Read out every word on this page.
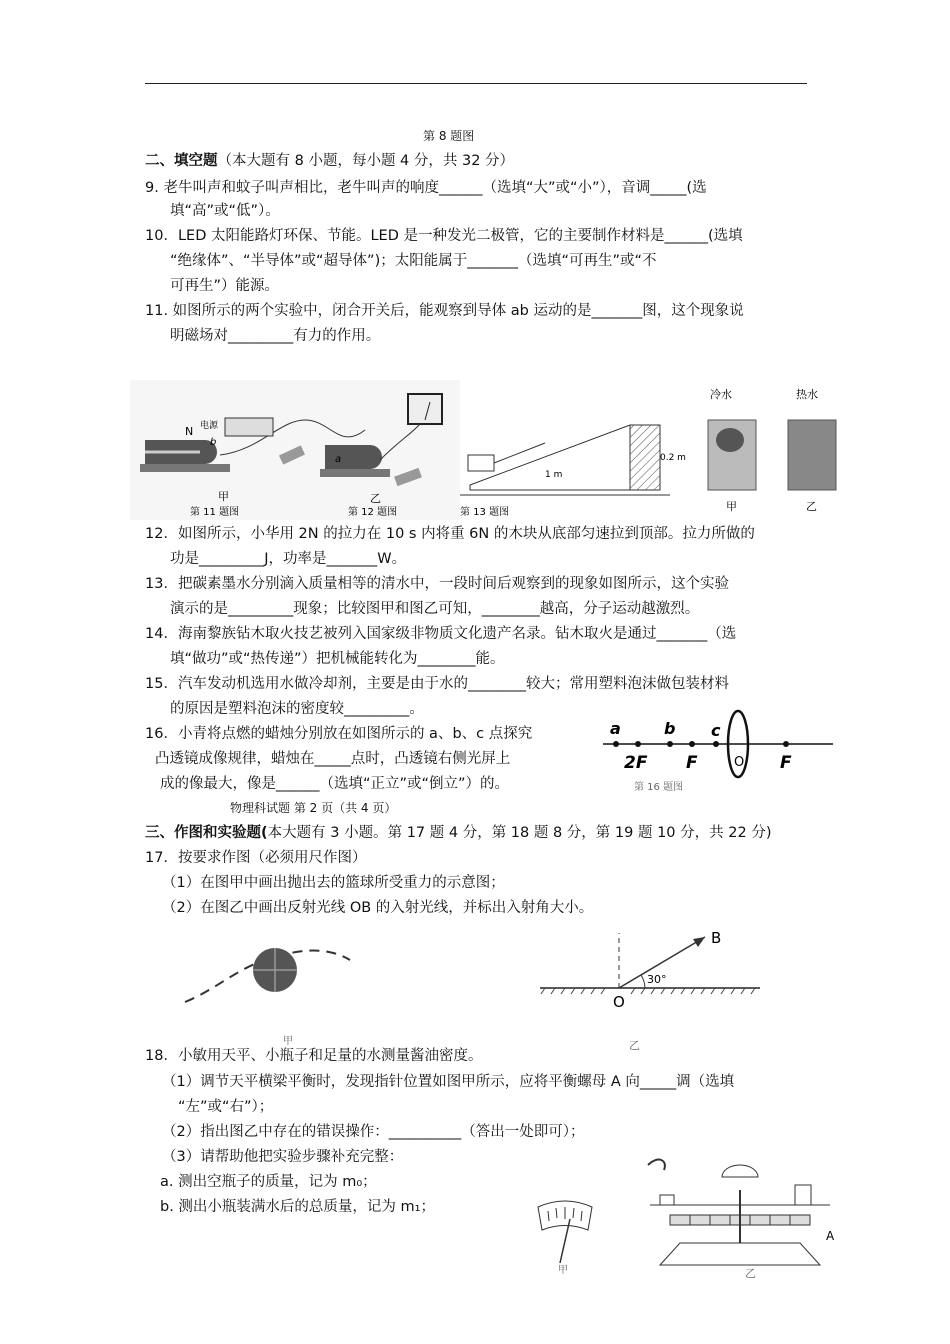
第 8 题图
二、填空题（本大题有 8 小题，每小题 4 分，共 32 分）
9. 老牛叫声和蚊子叫声相比，老牛叫声的响度______（选填“大”或“小”），音调_____(选
填“高”或“低”）。
10．LED 太阳能路灯环保、节能。LED 是一种发光二极管，它的主要制作材料是______(选填
“绝缘体”、“半导体”或“超导体”)；太阳能属于_______（选填“可再生”或“不
可再生”）能源。
11. 如图所示的两个实验中，闭合开关后，能观察到导体 ab 运动的是_______图，这个现象说
明磁场对_________有力的作用。
N
b
电源
甲
a
乙
第 11 题图	第 12 题图
1 m
0.2 m
第 13 题图
冷水	热水
甲	乙
12．如图所示，小华用 2N 的拉力在 10 s 内将重 6N 的木块从底部匀速拉到顶部。拉力所做的
功是_________J，功率是_______W。
13．把碳素墨水分别滴入质量相等的清水中，一段时间后观察到的现象如图所示，这个实验
演示的是_________现象；比较图甲和图乙可知，________越高，分子运动越激烈。
14．海南黎族钻木取火技艺被列入国家级非物质文化遗产名录。钻木取火是通过_______（选
填“做功”或“热传递”）把机械能转化为________能。
15．汽车发动机选用水做冷却剂，主要是由于水的________较大；常用塑料泡沫做包装材料
的原因是塑料泡沫的密度较_________。
16．小青将点燃的蜡烛分别放在如图所示的 a、b、c 点探究
凸透镜成像规律，蜡烛在_____点时，凸透镜右侧光屏上
成的像最大，像是______（选填“正立”或“倒立”）的。
a	b c
2F F	O F
第 16 题图
物理科试题 第 2 页（共 4 页）
三、作图和实验题(本大题有 3 小题。第 17 题 4 分，第 18 题 8 分，第 19 题 10 分，共 22 分)
17．按要求作图（必须用尺作图）
（1）在图甲中画出抛出去的篮球所受重力的示意图；
（2）在图乙中画出反射光线 OB 的入射光线，并标出入射角大小。
甲
B
O
30°
乙
18．小敏用天平、小瓶子和足量的水测量酱油密度。
（1）调节天平横梁平衡时，发现指针位置如图甲所示，应将平衡螺母 A 向_____调（选填
“左”或“右”）；
（2）指出图乙中存在的错误操作：__________（答出一处即可）；
（3）请帮助他把实验步骤补充完整：
a. 测出空瓶子的质量，记为 m₀；
b. 测出小瓶装满水后的总质量，记为 m₁；
甲
A
乙
